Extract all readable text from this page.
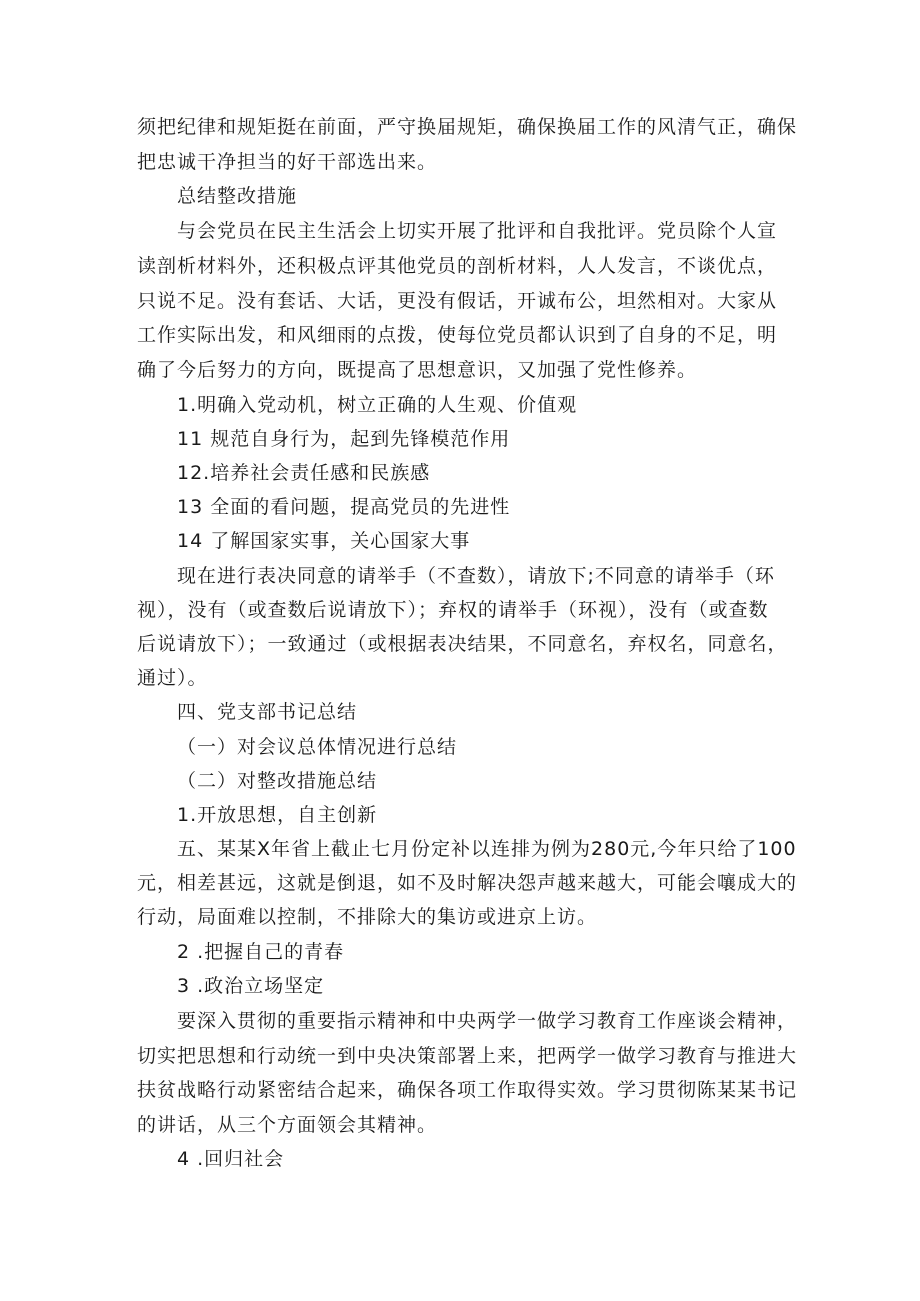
须把纪律和规矩挺在前面，严守换届规矩，确保换届工作的风清气正，确保
把忠诚干净担当的好干部选出来。
总结整改措施
与会党员在民主生活会上切实开展了批评和自我批评。党员除个人宣
读剖析材料外，还积极点评其他党员的剖析材料，人人发言，不谈优点，
只说不足。没有套话、大话，更没有假话，开诚布公，坦然相对。大家从
工作实际出发，和风细雨的点拨，使每位党员都认识到了自身的不足，明
确了今后努力的方向，既提高了思想意识，又加强了党性修养。
1.明确入党动机，树立正确的人生观、价值观
11 规范自身行为，起到先锋模范作用
12.培养社会责任感和民族感
13 全面的看问题，提高党员的先进性
14 了解国家实事，关心国家大事
现在进行表决同意的请举手（不查数），请放下;不同意的请举手（环
视），没有（或查数后说请放下）；弃权的请举手（环视），没有（或查数
后说请放下）；一致通过（或根据表决结果，不同意名，弃权名，同意名，
通过）。
四、党支部书记总结
（一）对会议总体情况进行总结
（二）对整改措施总结
1.开放思想，自主创新
五、某某X年省上截止七月份定补以连排为例为280元,今年只给了100
元，相差甚远，这就是倒退，如不及时解决怨声越来越大，可能会嚷成大的
行动，局面难以控制，不排除大的集访或进京上访。
2 .把握自己的青春
3 .政治立场坚定
要深入贯彻的重要指示精神和中央两学一做学习教育工作座谈会精神，
切实把思想和行动统一到中央决策部署上来，把两学一做学习教育与推进大
扶贫战略行动紧密结合起来，确保各项工作取得实效。学习贯彻陈某某书记
的讲话，从三个方面领会其精神。
4 .回归社会
